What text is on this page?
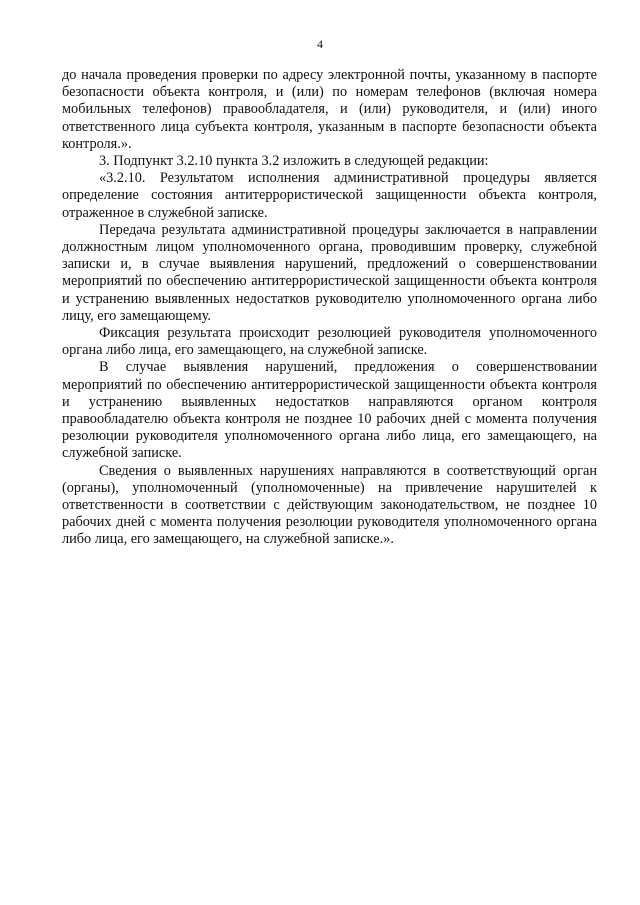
4

до начала проведения проверки по адресу электронной почты, указанному в паспорте безопасности объекта контроля, и (или) по номерам телефонов (включая номера мобильных телефонов) правообладателя, и (или) руководителя, и (или) иного ответственного лица субъекта контроля, указанным в паспорте безопасности объекта контроля.».

3. Подпункт 3.2.10 пункта 3.2 изложить в следующей редакции:

«3.2.10. Результатом исполнения административной процедуры является определение состояния антитеррористической защищенности объекта контроля, отраженное в служебной записке.

Передача результата административной процедуры заключается в направлении должностным лицом уполномоченного органа, проводившим проверку, служебной записки и, в случае выявления нарушений, предложений о совершенствовании мероприятий по обеспечению антитеррористической защищенности объекта контроля и устранению выявленных недостатков руководителю уполномоченного органа либо лицу, его замещающему.

Фиксация результата происходит резолюцией руководителя уполномоченного органа либо лица, его замещающего, на служебной записке.

В случае выявления нарушений, предложения о совершенствовании мероприятий по обеспечению антитеррористической защищенности объекта контроля и устранению выявленных недостатков направляются органом контроля правообладателю объекта контроля не позднее 10 рабочих дней с момента получения резолюции руководителя уполномоченного органа либо лица, его замещающего, на служебной записке.

Сведения о выявленных нарушениях направляются в соответствующий орган (органы), уполномоченный (уполномоченные) на привлечение нарушителей к ответственности в соответствии с действующим законодательством, не позднее 10 рабочих дней с момента получения резолюции руководителя уполномоченного органа либо лица, его замещающего, на служебной записке.».
